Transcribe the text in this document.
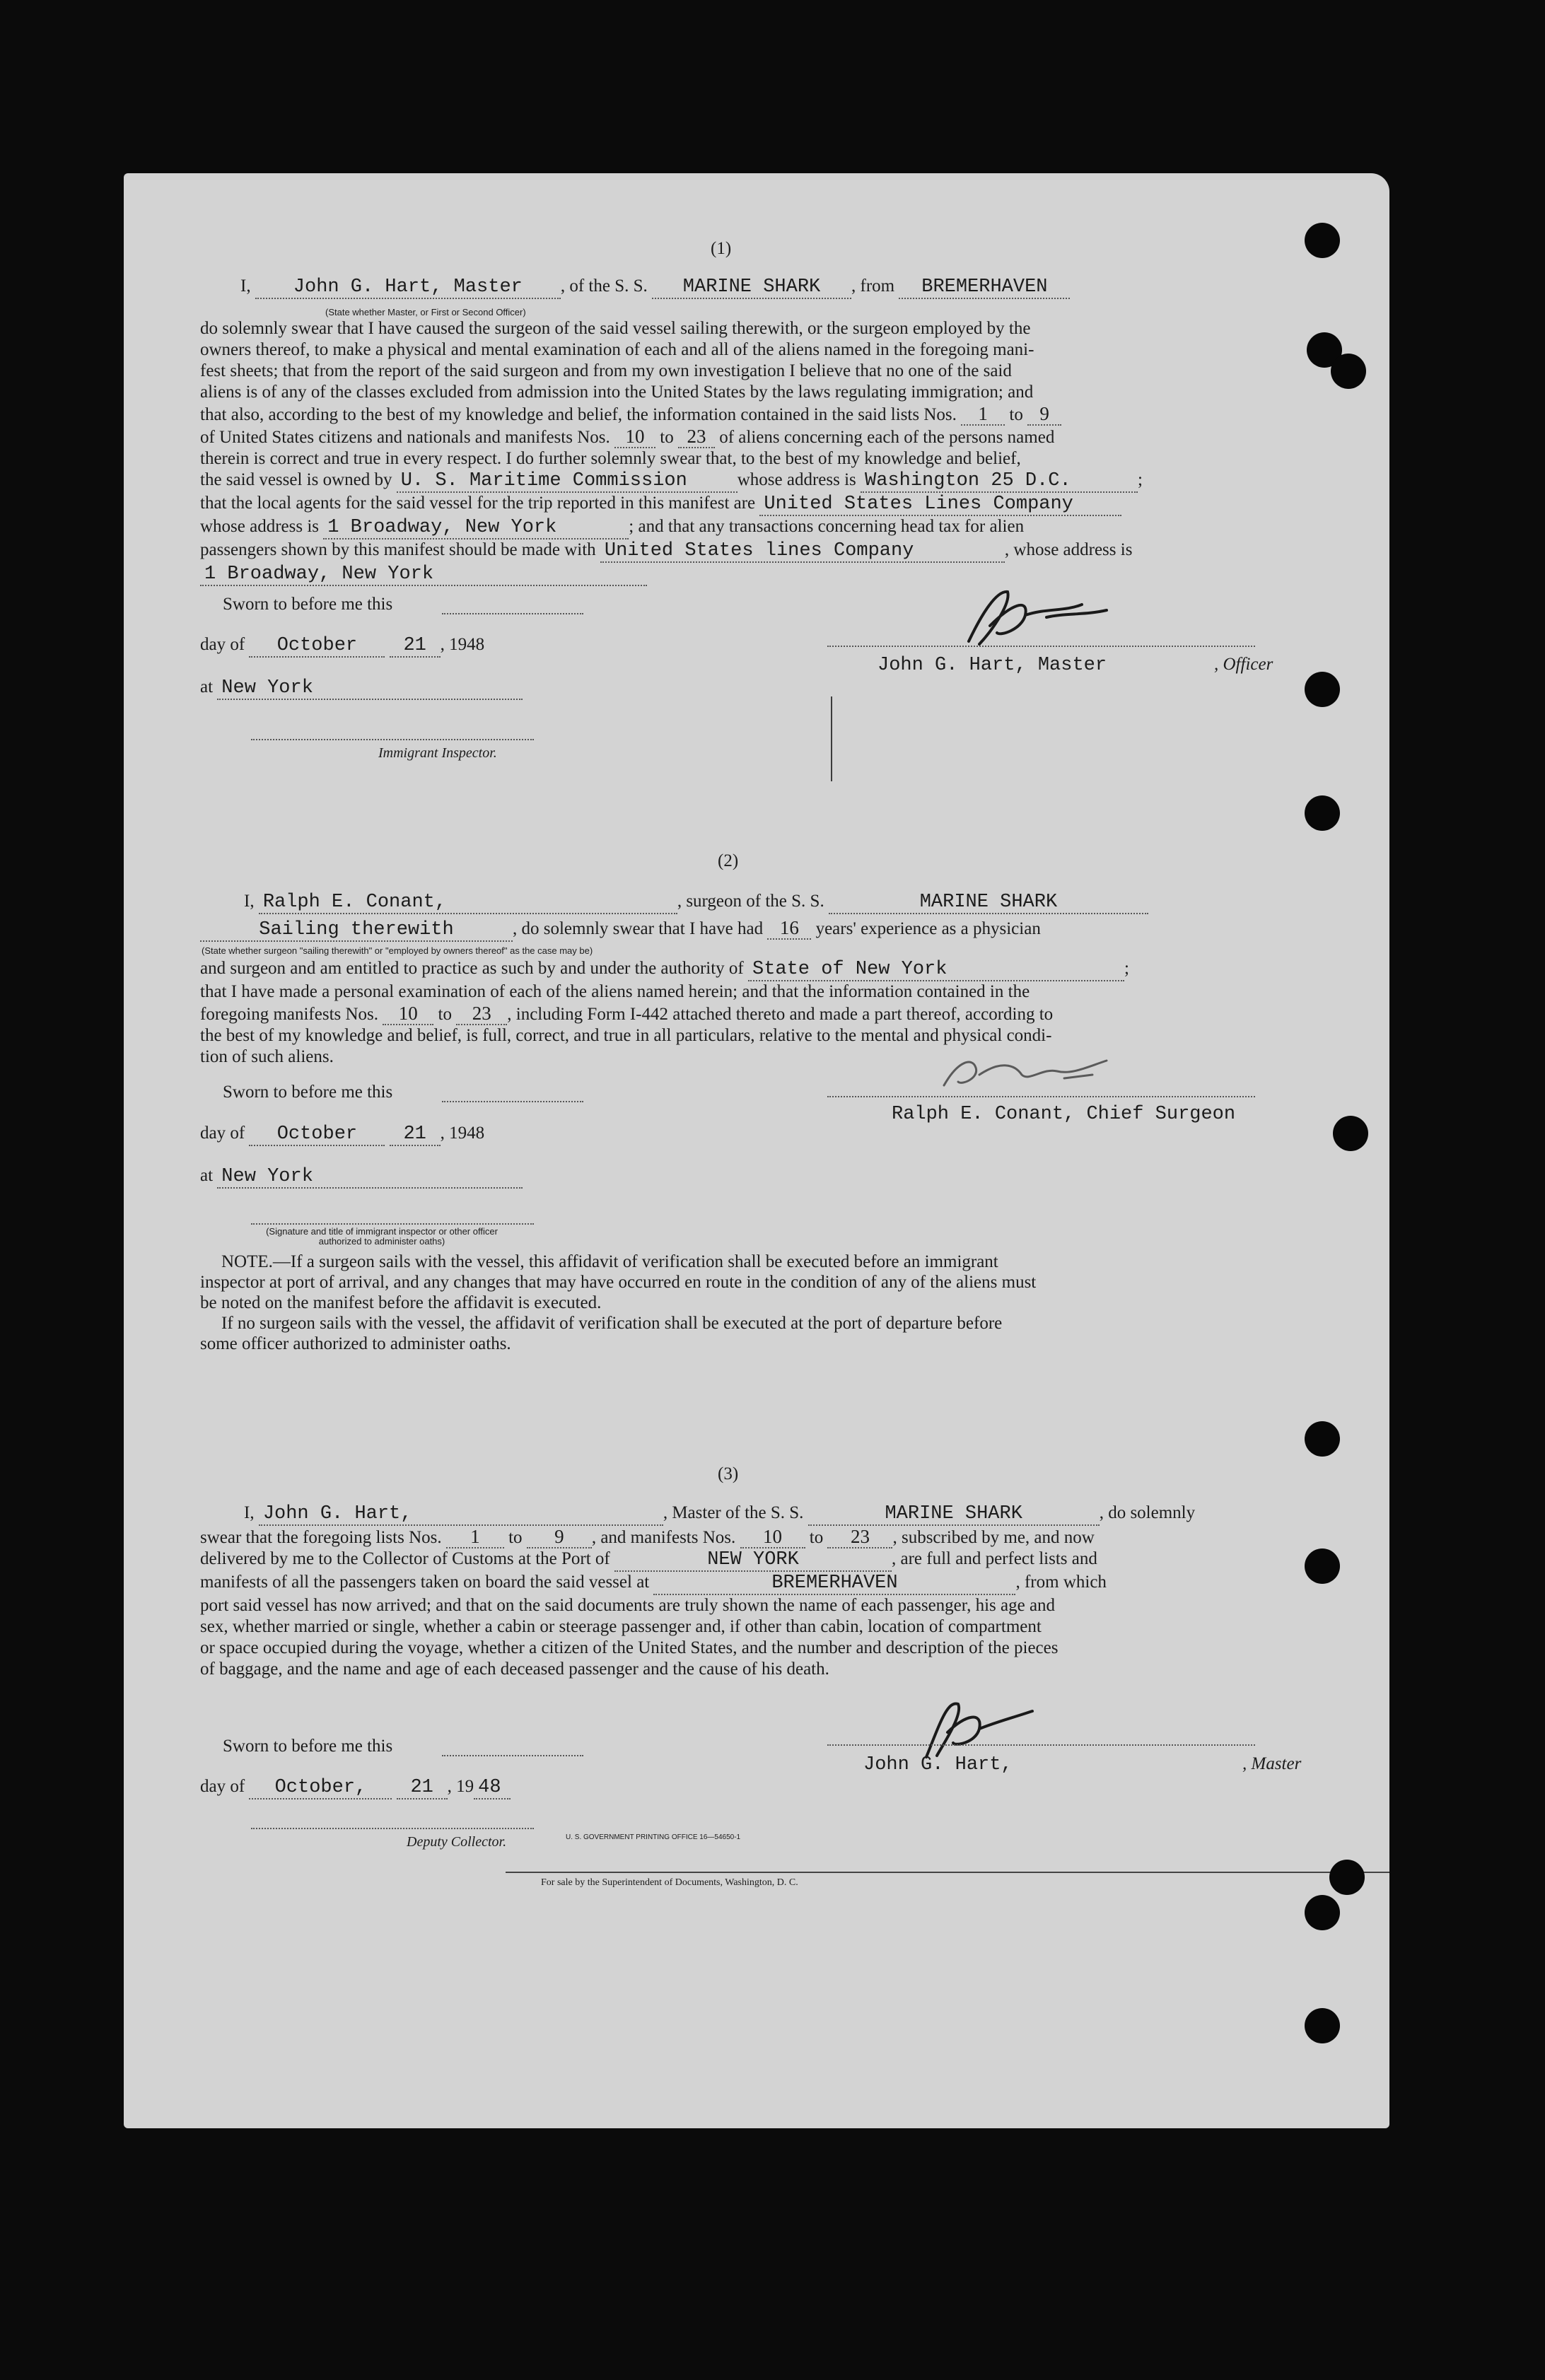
(1)
I, John G. Hart, Master , of the S. S. MARINE SHARK , from BREMERHAVEN
(State whether Master, or First or Second Officer)
do solemnly swear that I have caused the surgeon of the said vessel sailing therewith, or the surgeon employed by the
owners thereof, to make a physical and mental examination of each and all of the aliens named in the foregoing mani-
fest sheets; that from the report of the said surgeon and from my own investigation I believe that no one of the said
aliens is of any of the classes excluded from admission into the United States by the laws regulating immigration; and
that also, according to the best of my knowledge and belief, the information contained in the said lists Nos. 1 to 9
of United States citizens and nationals and manifests Nos. 10 to 23 of aliens concerning each of the persons named
therein is correct and true in every respect. I do further solemnly swear that, to the best of my knowledge and belief,
the said vessel is owned by U. S. Maritime Commission	whose address is Washington 25 D.C.	;
that the local agents for the said vessel for the trip reported in this manifest are United States Lines Company
whose address is 1 Broadway, New York	; and that any transactions concerning head tax for alien
passengers shown by this manifest should be made with United States lines Company	, whose address is
1 Broadway, New York
Sworn to before me this
day of October 21 , 1948
at New York
Immigrant Inspector.
John G. Hart, Master	, Officer
(2)
I, Ralph E. Conant,	, surgeon of the S. S.	MARINE SHARK
Sailing therewith	, do solemnly swear that I have had 16 years' experience as a physician
(State whether surgeon "sailing therewith" or "employed by owners thereof" as the case may be)
and surgeon and am entitled to practice as such by and under the authority of State of New York	;
that I have made a personal examination of each of the aliens named herein; and that the information contained in the
foregoing manifests Nos. 10 to 23 , including Form I-442 attached thereto and made a part thereof, according to
the best of my knowledge and belief, is full, correct, and true in all particulars, relative to the mental and physical condi-
tion of such aliens.
Sworn to before me this
day of October 21 , 1948
at New York
Ralph E. Conant, Chief Surgeon
(Signature and title of immigrant inspector or other officer authorized to administer oaths)
NOTE.—If a surgeon sails with the vessel, this affidavit of verification shall be executed before an immigrant
inspector at port of arrival, and any changes that may have occurred en route in the condition of any of the aliens must
be noted on the manifest before the affidavit is executed.
If no surgeon sails with the vessel, the affidavit of verification shall be executed at the port of departure before
some officer authorized to administer oaths.
(3)
I, John G. Hart,	, Master of the S. S.	MARINE SHARK	, do solemnly
swear that the foregoing lists Nos. 1 to 9 , and manifests Nos. 10 to 23 , subscribed by me, and now
delivered by me to the Collector of Customs at the Port of	NEW YORK	, are full and perfect lists and
manifests of all the passengers taken on board the said vessel at	BREMERHAVEN	, from which
port said vessel has now arrived; and that on the said documents are truly shown the name of each passenger, his age and
sex, whether married or single, whether a cabin or steerage passenger and, if other than cabin, location of compartment
or space occupied during the voyage, whether a citizen of the United States, and the number and description of the pieces
of baggage, and the name and age of each deceased passenger and the cause of his death.
Sworn to before me this
day of October, 21 , 19 48
Deputy Collector.
John G. Hart,	, Master
U. S. GOVERNMENT PRINTING OFFICE 16—54650-1
For sale by the Superintendent of Documents, Washington, D. C.
